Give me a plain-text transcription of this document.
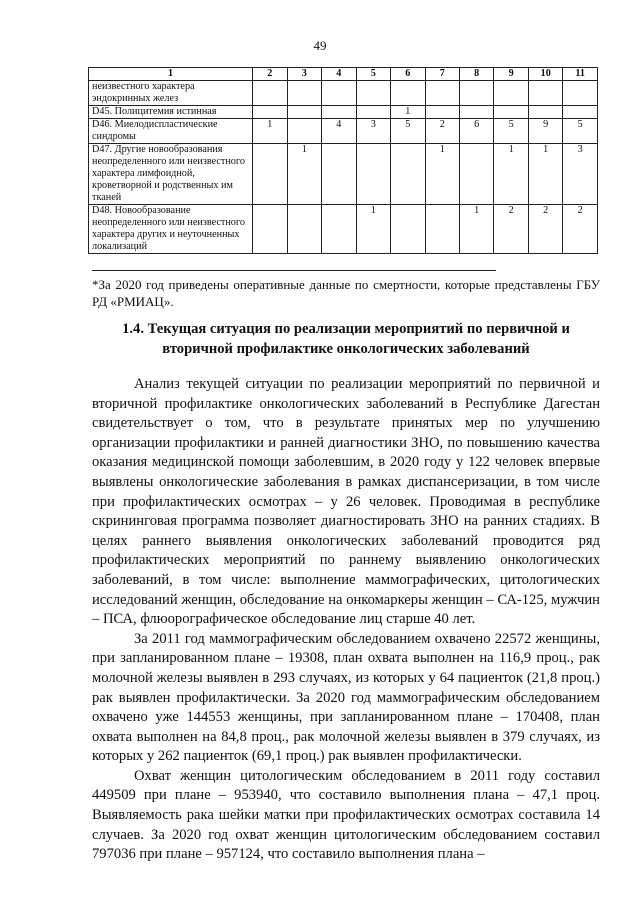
49
1	2	3	4	5	6	7	8	9	10	11
неизвестного характера эндокринных желез										
D45. Полицитемия истинная					1					
D46. Миелодиспластические синдромы	1		4	3	5	2	6	5	9	5
D47. Другие новообразования неопределенного или неизвестного характера лимфоидной, кроветворной и родственных им тканей		1				1		1	1	3
D48. Новообразование неопределенного или неизвестного характера других и неуточненных локализаций				1			1	2	2	2
*За 2020 год приведены оперативные данные по смертности, которые представлены ГБУ РД «РМИАЦ».
1.4. Текущая ситуация по реализации мероприятий по первичной и вторичной профилактике онкологических заболеваний

Анализ текущей ситуации по реализации мероприятий по первичной и вторичной профилактике онкологических заболеваний в Республике Дагестан свидетельствует о том, что в результате принятых мер по улучшению организации профилактики и ранней диагностики ЗНО, по повышению качества оказания медицинской помощи заболевшим, в 2020 году у 122 человек впервые выявлены онкологические заболевания в рамках диспансеризации, в том числе при профилактических осмотрах – у 26 человек. Проводимая в республике скрининговая программа позволяет диагностировать ЗНО на ранних стадиях. В целях раннего выявления онкологических заболеваний проводится ряд профилактических мероприятий по раннему выявлению онкологических заболеваний, в том числе: выполнение маммографических, цитологических исследований женщин, обследование на онкомаркеры женщин – СА-125, мужчин – ПСА, флюорографическое обследование лиц старше 40 лет.

За 2011 год маммографическим обследованием охвачено 22572 женщины, при запланированном плане – 19308, план охвата выполнен на 116,9 проц., рак молочной железы выявлен в 293 случаях, из которых у 64 пациенток (21,8 проц.) рак выявлен профилактически. За 2020 год маммографическим обследованием охвачено уже 144553 женщины, при запланированном плане – 170408, план охвата выполнен на 84,8 проц., рак молочной железы выявлен в 379 случаях, из которых у 262 пациенток (69,1 проц.) рак выявлен профилактически.

Охват женщин цитологическим обследованием в 2011 году составил 449509 при плане – 953940, что составило выполнения плана – 47,1 проц. Выявляемость рака шейки матки при профилактических осмотрах составила 14 случаев. За 2020 год охват женщин цитологическим обследованием составил 797036 при плане – 957124, что составило выполнения плана –
